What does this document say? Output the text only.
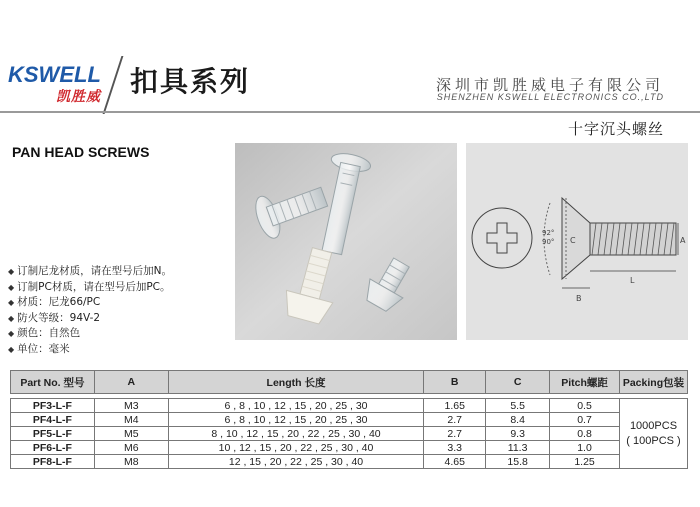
KSWELL
凯胜威 扣具系列	深圳市凯胜威电子有限公司
SHENZHEN KSWELL ELECTRONICS CO.,LTD
十字沉头螺丝
PAN HEAD SCREWS
C
92°
90°	A
B
L
◆ 订制尼龙材质，请在型号后加N。
◆ 订制PC材质，请在型号后加PC。
◆ 材质：尼龙66/PC
◆ 防火等级：94V-2
◆ 颜色：自然色
◆ 单位：毫米
Part No. 型号	A	Length 长度	B	C	Pitch螺距	Packing包装

PF3-L-F	M3	6 , 8 , 10 , 12 , 15 , 20 , 25 , 30	1.65	5.5	0.5	1000PCS
( 100PCS )

PF4-L-F	M4	6 , 8 , 10 , 12 , 15 , 20 , 25 , 30	2.7	8.4	0.7	
PF5-L-F	M5	8 , 10 , 12 , 15 , 20 , 22 , 25 , 30 , 40	2.7	9.3	0.8	
PF6-L-F	M6	10 , 12 , 15 , 20 , 22 , 25 , 30 , 40	3.3	11.3	1.0	
PF8-L-F	M8	12 , 15 , 20 , 22 , 25 , 30 , 40	4.65	15.8	1.25	
